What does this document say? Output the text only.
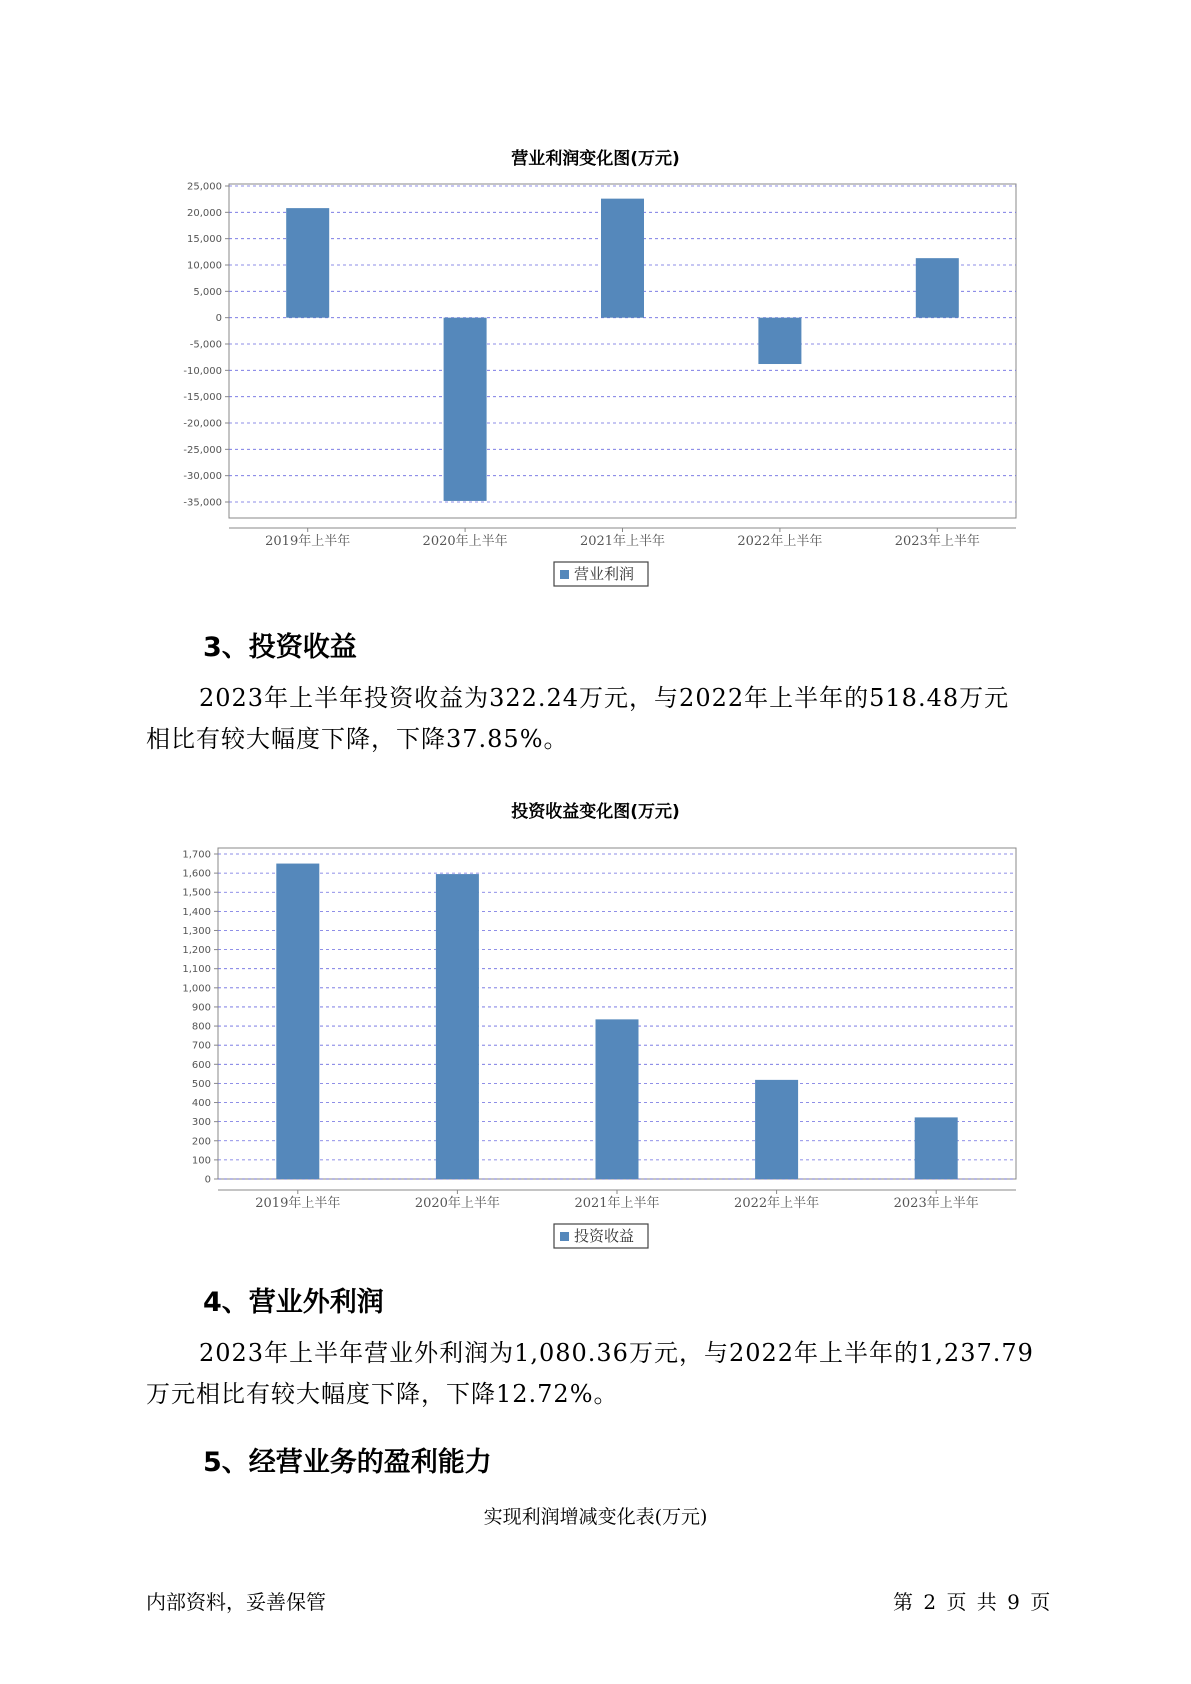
营业利润变化图(万元)
25,000
20,000
15,000
10,000
5,000
0
-5,000
-10,000
-15,000
-20,000
-25,000
-30,000
-35,000
2019年上半年	2020年上半年	2021年上半年	2022年上半年	2023年上半年
营业利润
3、投资收益
2023年上半年投资收益为322.24万元，与2022年上半年的518.48万元
相比有较大幅度下降，下降37.85%。
投资收益变化图(万元)
1,700
1,600
1,500
1,400
1,300
1,200
1,100
1,000
900
800
700
600
500
400
300
200
100
0
2019年上半年	2020年上半年	2021年上半年	2022年上半年	2023年上半年
投资收益
4、营业外利润
2023年上半年营业外利润为1,080.36万元，与2022年上半年的1,237.79
万元相比有较大幅度下降，下降12.72%。
5、经营业务的盈利能力
实现利润增减变化表(万元)
内部资料，妥善保管	第 2 页 共 9 页
